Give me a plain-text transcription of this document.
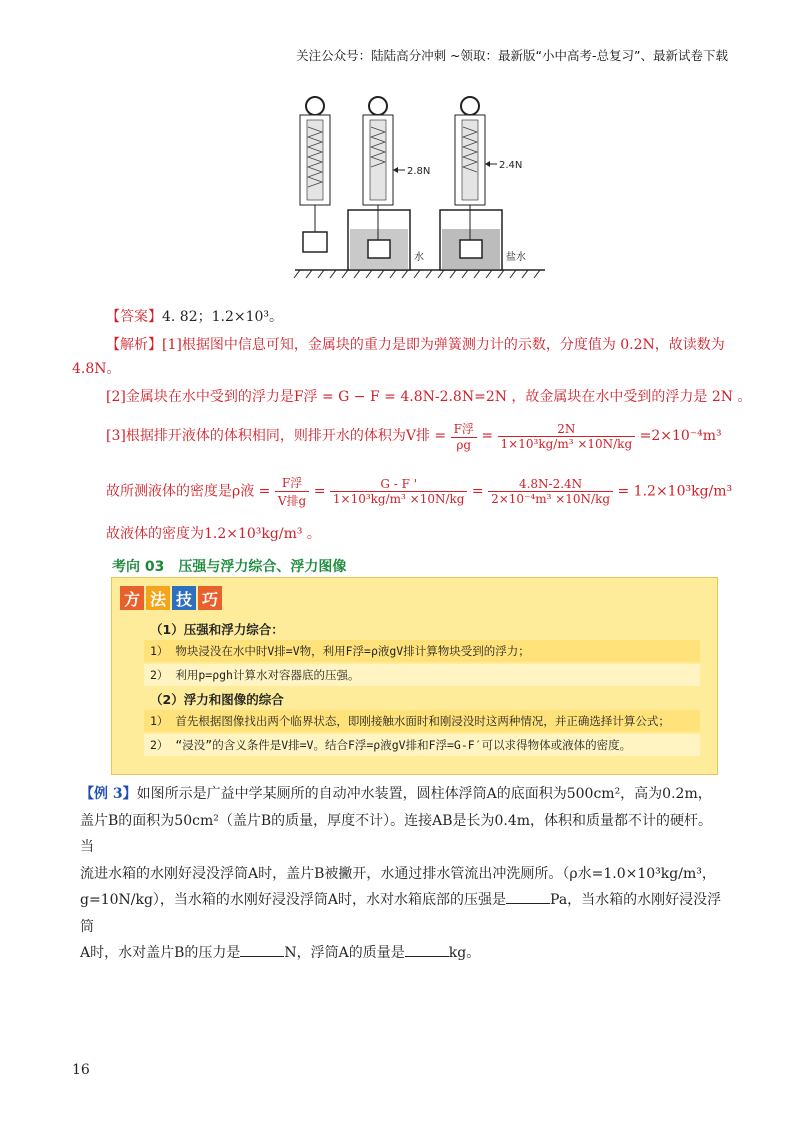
关注公众号：陆陆高分冲刺 ~领取：最新版“小中高考-总复习”、最新试卷下载
2.8N
水
2.4N
盐水
【答案】4. 82；1.2×10³。
【解析】[1]根据图中信息可知，金属块的重力是即为弹簧测力计的示数，分度值为 0.2N，故读数为
4.8N。
[2]金属块在水中受到的浮力是F浮 = G − F = 4.8N-2.8N=2N ，故金属块在水中受到的浮力是 2N 。
[3]根据排开液体的体积相同，则排开水的体积为V排 = $\frac{\text{F浮}}{\rho g} = \frac{2N}{\text{1×10³kg/m³ ×10N/kg}} =2\times 10^{-4}m^3$
故所测液体的密度是ρ液 = $\frac{\text{F浮}}{\text{V排g}} = \frac{G - F '}{\text{1×10³kg/m³ ×10N/kg}} = \frac{4.8N-2.4N}{\text{2×10⁻⁴m³ ×10N/kg}} = 1.2\times 10^3kg/m^3$
故液体的密度为1.2×10³kg/m³ 。
考向 03　压强与浮力综合、浮力图像
方 法 技 巧
（1）压强和浮力综合：
1） 物块浸没在水中时V排=V物，利用F浮=ρ液gV排计算物块受到的浮力；
2） 利用p=ρgh计算水对容器底的压强。
（2）浮力和图像的综合
1） 首先根据图像找出两个临界状态，即刚接触水面时和刚浸没时这两种情况，并正确选择计算公式；
2） “浸没”的含义条件是V排=V。结合F浮=ρ液gV排和F浮=G-F′可以求得物体或液体的密度。
【例 3】如图所示是广益中学某厕所的自动冲水装置，圆柱体浮筒A的底面积为500cm²，高为0.2m，
盖片B的面积为50cm²（盖片B的质量，厚度不计）。连接AB是长为0.4m，体积和质量都不计的硬杆。当
流进水箱的水刚好浸没浮筒A时，盖片B被撇开，水通过排水管流出冲洗厕所。（ρ水=1.0×10³kg/m³，
g=10N/kg），当水箱的水刚好浸没浮筒A时，水对水箱底部的压强是	Pa，当水箱的水刚好浸没浮筒
A时，水对盖片B的压力是	N，浮筒A的质量是	kg。
16
